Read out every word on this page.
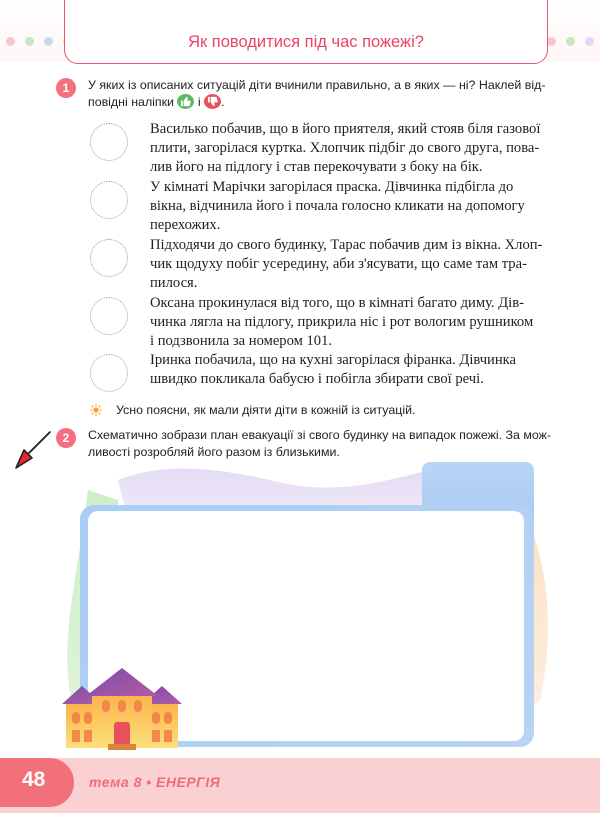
Як поводитися під час пожежі?
1	У яких із описаних ситуацій діти вчинили правильно, а в яких — ні? Наклей від-
повідні наліпки і .
Василько побачив, що в його приятеля, який стояв біля газової
плити, загорілася куртка. Хлопчик підбіг до свого друга, пова-
лив його на підлогу і став перекочувати з боку на бік.
У кімнаті Марічки загорілася праска. Дівчинка підбігла до
вікна, відчинила його і почала голосно кликати на допомогу
перехожих.
Підходячи до свого будинку, Тарас побачив дим із вікна. Хлоп-
чик щодуху побіг усередину, аби з'ясувати, що саме там тра-
пилося.
Оксана прокинулася від того, що в кімнаті багато диму. Дів-
чинка лягла на підлогу, прикрила ніс і рот вологим рушником
і подзвонила за номером 101.
Іринка побачила, що на кухні загорілася фіранка. Дівчинка
швидко покликала бабусю і побігла збирати свої речі.
Усно поясни, як мали діяти діти в кожній із ситуацій.
2	Схематично зобрази план евакуації зі свого будинку на випадок пожежі. За мож-
ливості розробляй його разом із близькими.
48	тема 8 • ЕНЕРГІЯ
